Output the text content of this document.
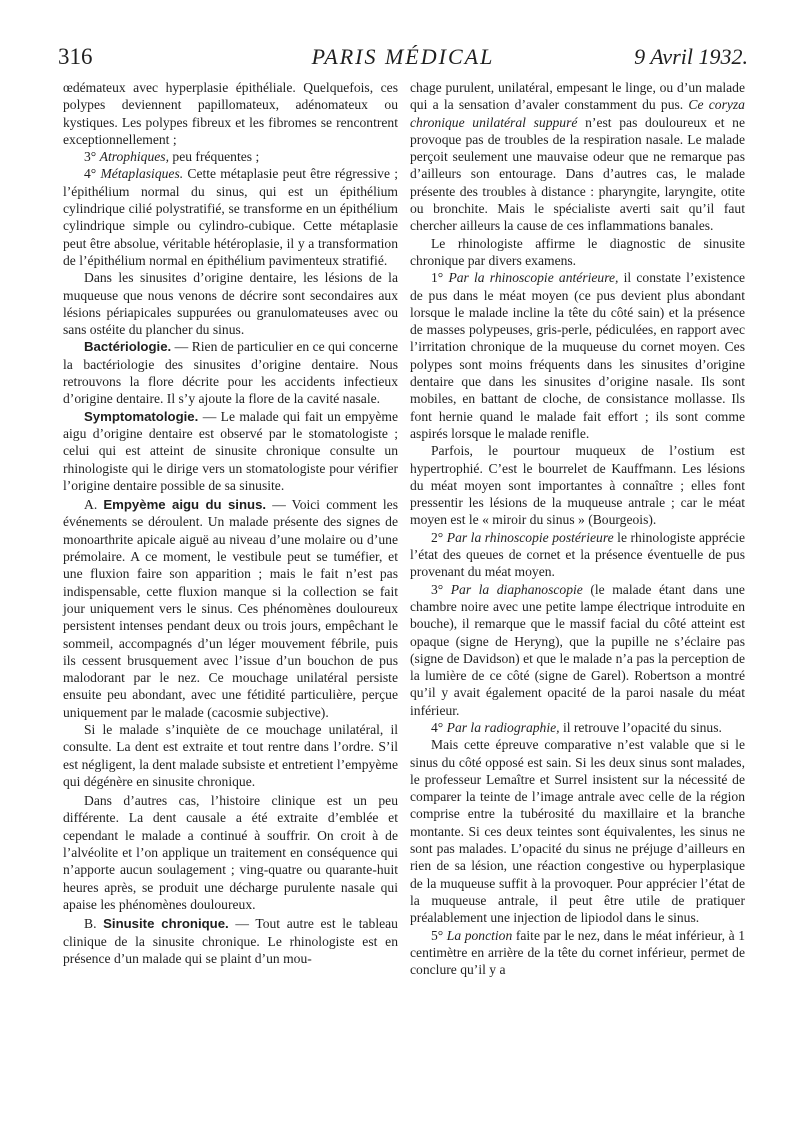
316	PARIS MÉDICAL	9 Avril 1932.

œdémateux avec hyperplasie épithéliale. Quelquefois, ces polypes deviennent papillomateux, adénomateux ou kystiques. Les polypes fibreux et les fibromes se rencontrent exceptionnellement ;

3° Atrophiques, peu fréquentes ;

4° Métaplasiques. Cette métaplasie peut être régressive ; l’épithélium normal du sinus, qui est un épithélium cylindrique cilié polystratifié, se transforme en un épithélium cylindrique simple ou cylindro-cubique. Cette métaplasie peut être absolue, véritable hétéroplasie, il y a transformation de l’épithélium normal en épithélium pavimenteux stratifié.

Dans les sinusites d’origine dentaire, les lésions de la muqueuse que nous venons de décrire sont secondaires aux lésions périapicales suppurées ou granulomateuses avec ou sans ostéite du plancher du sinus.

Bactériologie. — Rien de particulier en ce qui concerne la bactériologie des sinusites d’origine dentaire. Nous retrouvons la flore décrite pour les accidents infectieux d’origine dentaire. Il s’y ajoute la flore de la cavité nasale.

Symptomatologie. — Le malade qui fait un empyème aigu d’origine dentaire est observé par le stomatologiste ; celui qui est atteint de sinusite chronique consulte un rhinologiste qui le dirige vers un stomatologiste pour vérifier l’origine dentaire possible de sa sinusite.

A. Empyème aigu du sinus. — Voici comment les événements se déroulent. Un malade présente des signes de monoarthrite apicale aiguë au niveau d’une molaire ou d’une prémolaire. A ce moment, le vestibule peut se tuméfier, et une fluxion faire son apparition ; mais le fait n’est pas indispensable, cette fluxion manque si la collection se fait jour uniquement vers le sinus. Ces phénomènes douloureux persistent intenses pendant deux ou trois jours, empêchant le sommeil, accompagnés d’un léger mouvement fébrile, puis ils cessent brusquement avec l’issue d’un bouchon de pus malodorant par le nez. Ce mouchage unilatéral persiste ensuite peu abondant, avec une fétidité particulière, perçue uniquement par le malade (cacosmie subjective).

Si le malade s’inquiète de ce mouchage unilatéral, il consulte. La dent est extraite et tout rentre dans l’ordre. S’il est négligent, la dent malade subsiste et entretient l’empyème qui dégénère en sinusite chronique.

Dans d’autres cas, l’histoire clinique est un peu différente. La dent causale a été extraite d’emblée et cependant le malade a continué à souffrir. On croit à de l’alvéolite et l’on applique un traitement en conséquence qui n’apporte aucun soulagement ; ving-quatre ou quarante-huit heures après, se produit une décharge purulente nasale qui apaise les phénomènes douloureux.

B. Sinusite chronique. — Tout autre est le tableau clinique de la sinusite chronique. Le rhinologiste est en présence d’un malade qui se plaint d’un mou-

chage purulent, unilatéral, empesant le linge, ou d’un malade qui a la sensation d’avaler constamment du pus. Ce coryza chronique unilatéral suppuré n’est pas douloureux et ne provoque pas de troubles de la respiration nasale. Le malade perçoit seulement une mauvaise odeur que ne remarque pas d’ailleurs son entourage. Dans d’autres cas, le malade présente des troubles à distance : pharyngite, laryngite, otite ou bronchite. Mais le spécialiste averti sait qu’il faut chercher ailleurs la cause de ces inflammations banales.

Le rhinologiste affirme le diagnostic de sinusite chronique par divers examens.

1° Par la rhinoscopie antérieure, il constate l’existence de pus dans le méat moyen (ce pus devient plus abondant lorsque le malade incline la tête du côté sain) et la présence de masses polypeuses, gris-perle, pédiculées, en rapport avec l’irritation chronique de la muqueuse du cornet moyen. Ces polypes sont moins fréquents dans les sinusites d’origine dentaire que dans les sinusites d’origine nasale. Ils sont mobiles, en battant de cloche, de consistance mollasse. Ils font hernie quand le malade fait effort ; ils sont comme aspirés lorsque le malade renifle.

Parfois, le pourtour muqueux de l’ostium est hypertrophié. C’est le bourrelet de Kauffmann. Les lésions du méat moyen sont importantes à connaître ; elles font pressentir les lésions de la muqueuse antrale ; car le méat moyen est le « miroir du sinus » (Bourgeois).

2° Par la rhinoscopie postérieure le rhinologiste apprécie l’état des queues de cornet et la présence éventuelle de pus provenant du méat moyen.

3° Par la diaphanoscopie (le malade étant dans une chambre noire avec une petite lampe électrique introduite en bouche), il remarque que le massif facial du côté atteint est opaque (signe de Heryng), que la pupille ne s’éclaire pas (signe de Davidson) et que le malade n’a pas la perception de la lumière de ce côté (signe de Garel). Robertson a montré qu’il y avait également opacité de la paroi nasale du méat inférieur.

4° Par la radiographie, il retrouve l’opacité du sinus.

Mais cette épreuve comparative n’est valable que si le sinus du côté opposé est sain. Si les deux sinus sont malades, le professeur Lemaître et Surrel insistent sur la nécessité de comparer la teinte de l’image antrale avec celle de la région comprise entre la tubérosité du maxillaire et la branche montante. Si ces deux teintes sont équivalentes, les sinus ne sont pas malades. L’opacité du sinus ne préjuge d’ailleurs en rien de sa lésion, une réaction congestive ou hyperplasique de la muqueuse suffit à la provoquer. Pour apprécier l’état de la muqueuse antrale, il peut être utile de pratiquer préalablement une injection de lipiodol dans le sinus.

5° La ponction faite par le nez, dans le méat inférieur, à 1 centimètre en arrière de la tête du cornet inférieur, permet de conclure qu’il y a
